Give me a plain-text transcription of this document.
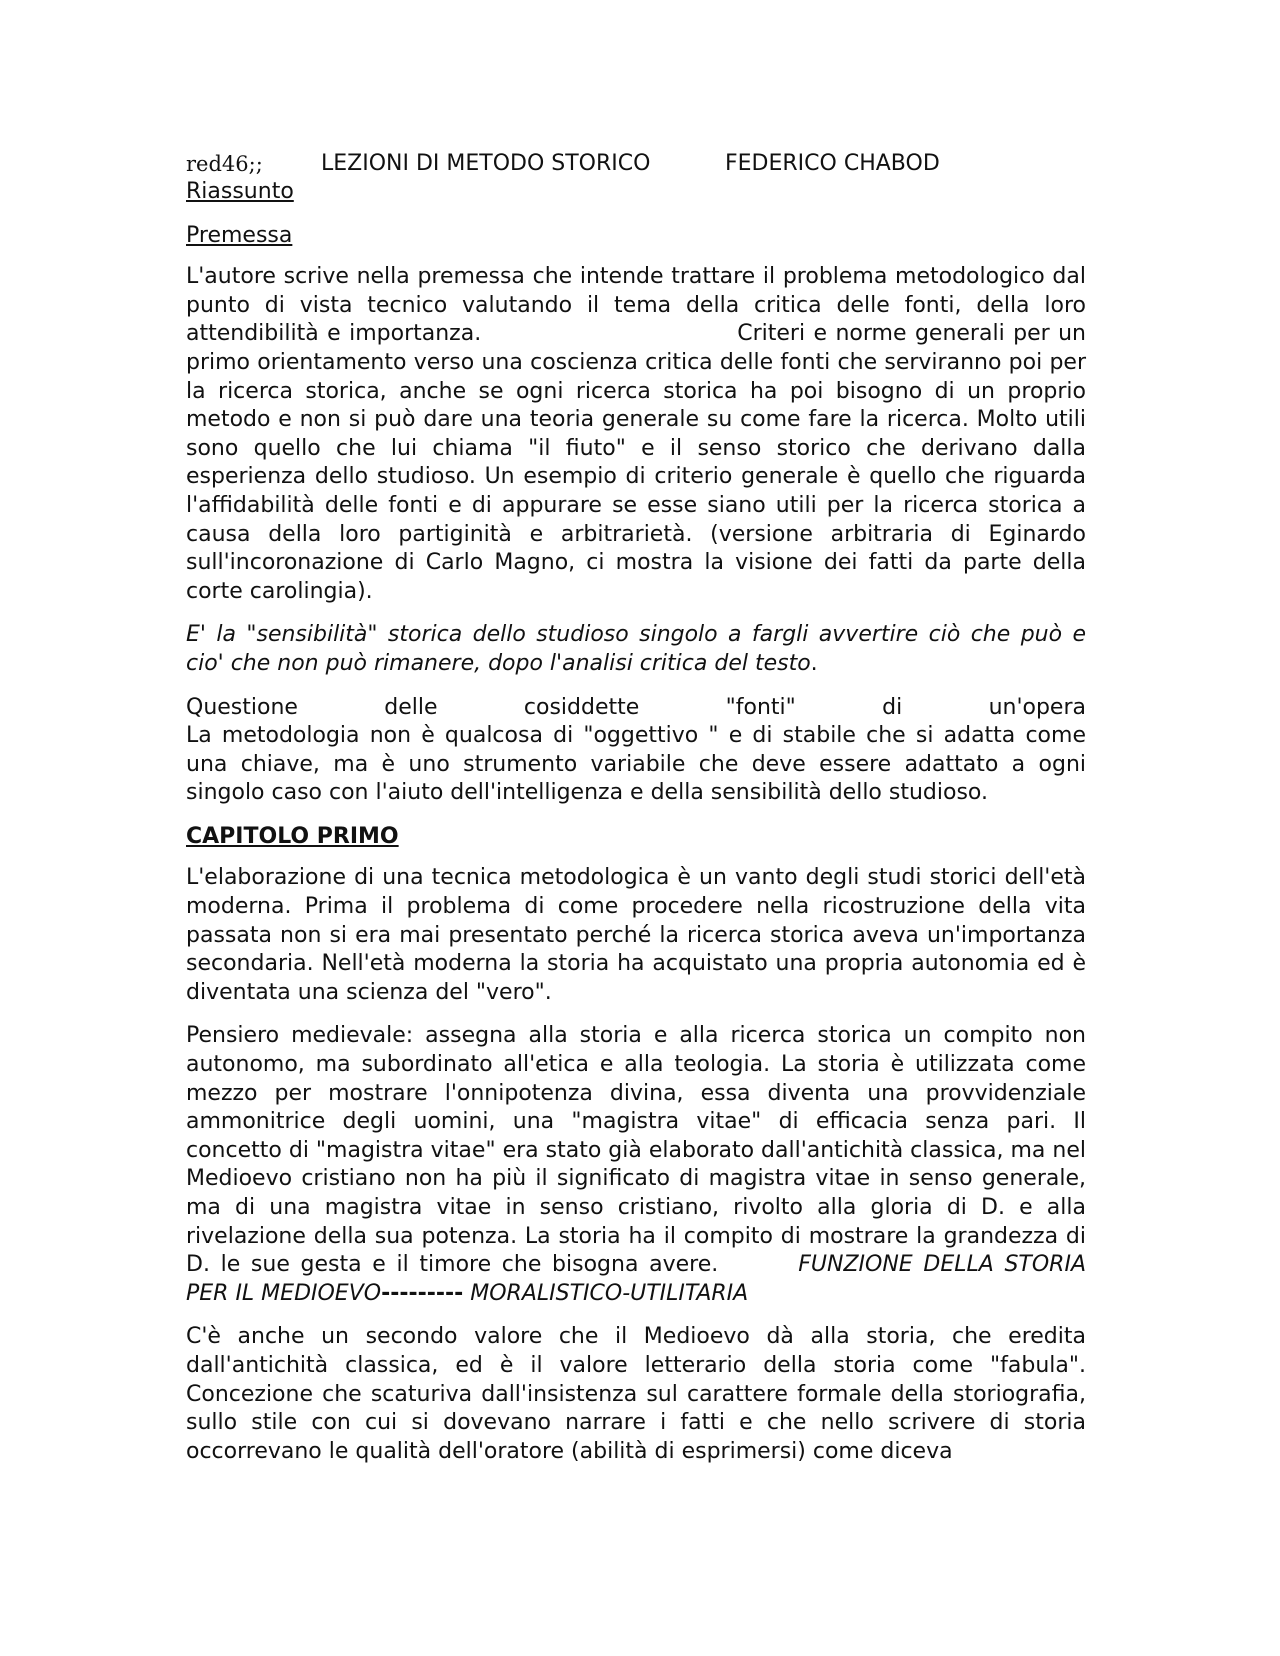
red46;;	LEZIONI DI METODO STORICO	FEDERICO CHABOD
Riassunto
Premessa

L'autore scrive nella premessa che intende trattare il problema metodologico dal punto di vista tecnico valutando il tema della critica delle fonti, della loro attendibilità e importanza.	Criteri e norme generali per un primo orientamento verso una coscienza critica delle fonti che serviranno poi per la ricerca storica, anche se ogni ricerca storica ha poi bisogno di un proprio metodo e non si può dare una teoria generale su come fare la ricerca. Molto utili sono quello che lui chiama "il fiuto" e il senso storico che derivano dalla esperienza dello studioso. Un esempio di criterio generale è quello che riguarda l'affidabilità delle fonti e di appurare se esse siano utili per la ricerca storica a causa della loro partiginità e arbitrarietà. (versione arbitraria di Eginardo sull'incoronazione di Carlo Magno, ci mostra la visione dei fatti da parte della corte carolingia).

E' la "sensibilità" storica dello studioso singolo a fargli avvertire ciò che può e cio' che non può rimanere, dopo l'analisi critica del testo.

Questione delle cosiddette "fonti" di un'opera
La metodologia non è qualcosa di "oggettivo " e di stabile che si adatta come una chiave, ma è uno strumento variabile che deve essere adattato a ogni singolo caso con l'aiuto dell'intelligenza e della sensibilità dello studioso.

CAPITOLO PRIMO

L'elaborazione di una tecnica metodologica è un vanto degli studi storici dell'età moderna. Prima il problema di come procedere nella ricostruzione della vita passata non si era mai presentato perché la ricerca storica aveva un'importanza secondaria. Nell'età moderna la storia ha acquistato una propria autonomia ed è diventata una scienza del "vero".

Pensiero medievale: assegna alla storia e alla ricerca storica un compito non autonomo, ma subordinato all'etica e alla teologia. La storia è utilizzata come mezzo per mostrare l'onnipotenza divina, essa diventa una provvidenziale ammonitrice degli uomini, una "magistra vitae" di efficacia senza pari. Il concetto di "magistra vitae" era stato già elaborato dall'antichità classica, ma nel Medioevo cristiano non ha più il significato di magistra vitae in senso generale, ma di una magistra vitae in senso cristiano, rivolto alla gloria di D. e alla rivelazione della sua potenza. La storia ha il compito di mostrare la grandezza di D. le sue gesta e il timore che bisogna avere.	FUNZIONE DELLA STORIA PER IL MEDIOEVO--------- MORALISTICO-UTILITARIA

C'è anche un secondo valore che il Medioevo dà alla storia, che eredita dall'antichità classica, ed è il valore letterario della storia come "fabula". Concezione che scaturiva dall'insistenza sul carattere formale della storiografia, sullo stile con cui si dovevano narrare i fatti e che nello scrivere di storia occorrevano le qualità dell'oratore (abilità di esprimersi) come diceva
